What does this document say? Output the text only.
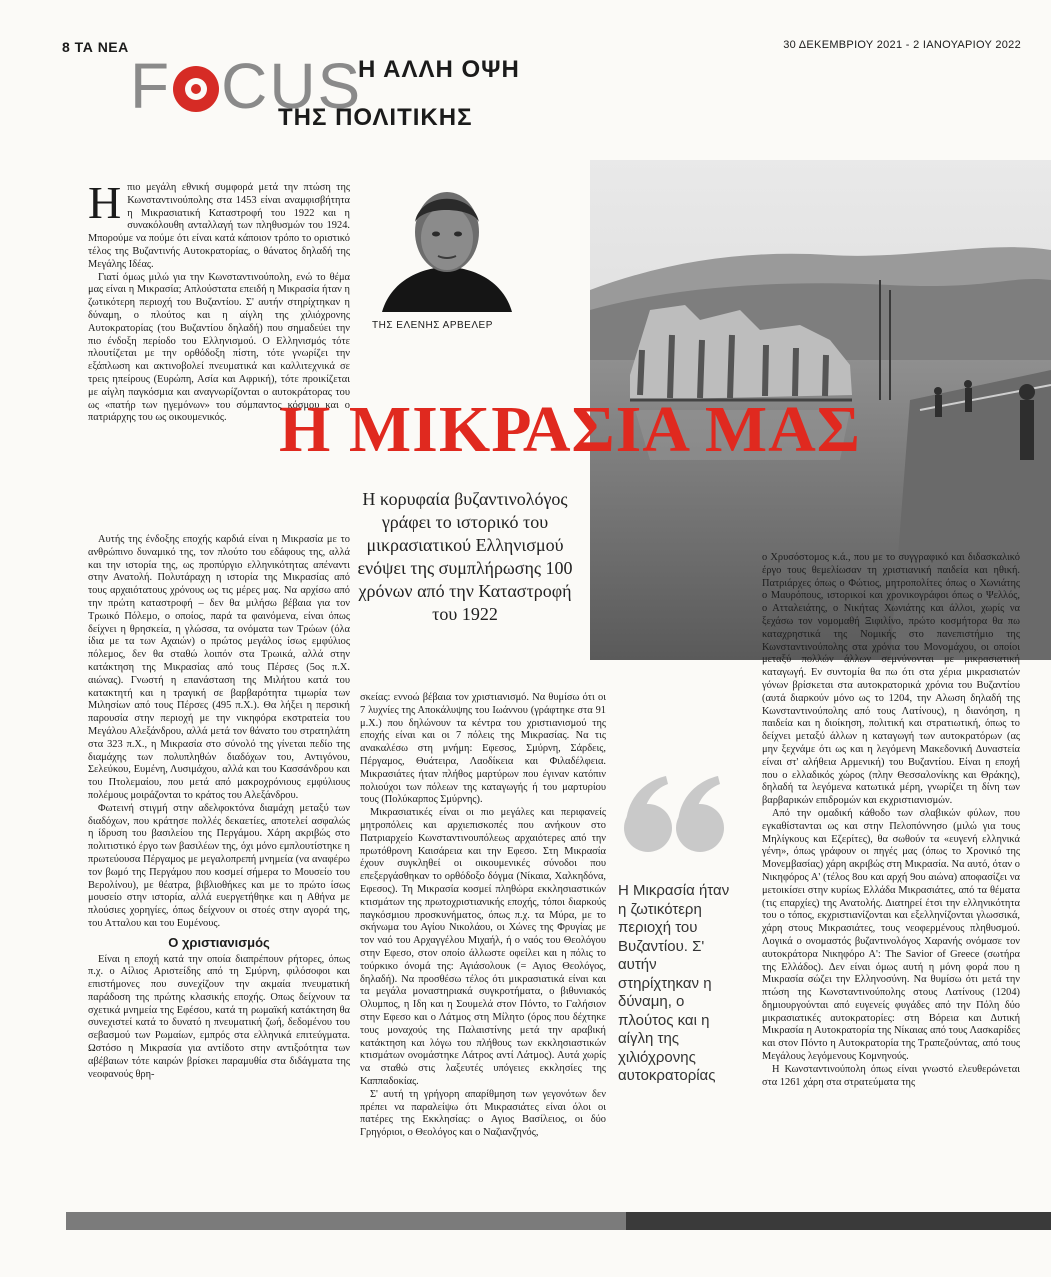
8 ΤΑ ΝΕΑ	30 ΔΕΚΕΜΒΡΙΟΥ 2021 - 2 ΙΑΝΟΥΑΡΙΟΥ 2022
F CUS
Η ΑΛΛΗ ΟΨΗ
ΤΗΣ ΠΟΛΙΤΙΚΗΣ
ΤΗΣ ΕΛΕΝΗΣ ΑΡΒΕΛΕΡ
Η ΜΙΚΡΑΣΙΑ ΜΑΣ
Η κορυφαία βυζαντινολόγος γράφει το ιστορικό του μικρασιατικού Ελληνισμού ενόψει της συμπλήρωσης 100 χρόνων από την Καταστροφή του 1922

Ηπιο μεγάλη εθνική συμφορά μετά την πτώση της Κωνσταντινούπολης στα 1453 είναι αναμφισβήτητα η Μικρασιατική Καταστροφή του 1922 και η συνακόλουθη ανταλλαγή των πληθυσμών του 1924. Μπορούμε να πούμε ότι είναι κατά κάποιον τρόπο το οριστικό τέλος της Βυζαντινής Αυτοκρατορίας, ο θάνατος δηλαδή της Μεγάλης Ιδέας.

Γιατί όμως μιλώ για την Κωνσταντινούπολη, ενώ το θέμα μας είναι η Μικρασία; Απλούστατα επειδή η Μικρασία ήταν η ζωτικότερη περιοχή του Βυζαντίου. Σ' αυτήν στηρίχτηκαν η δύναμη, ο πλούτος και η αίγλη της χιλιόχρονης Αυτοκρατορίας (του Βυζαντίου δηλαδή) που σημαδεύει την πιο ένδοξη περίοδο του Ελληνισμού. Ο Ελληνισμός τότε πλουτίζεται με την ορθόδοξη πίστη, τότε γνωρίζει την εξάπλωση και ακτινοβολεί πνευματικά και καλλιτεχνικά σε τρεις ηπείρους (Ευρώπη, Ασία και Αφρική), τότε προικίζεται με αίγλη παγκόσμια και αναγνωρίζονται ο αυτοκράτορας του ως «πατήρ των ηγεμόνων» του σύμπαντος κόσμου και ο πατριάρχης του ως οικουμενικός.

Αυτής της ένδοξης εποχής καρδιά είναι η Μικρασία με το ανθρώπινο δυναμικό της, τον πλούτο του εδάφους της, αλλά και την ιστορία της, ως προπύργιο ελληνικότητας απέναντι στην Ανατολή. Πολυτάραχη η ιστορία της Μικρασίας από τους αρχαιότατους χρόνους ως τις μέρες μας. Να αρχίσω από την πρώτη καταστροφή – δεν θα μιλήσω βέβαια για τον Τρωικό Πόλεμο, ο οποίος, παρά τα φαινόμενα, είναι όπως δείχνει η θρησκεία, η γλώσσα, τα ονόματα των Τρώων (όλα ίδια με τα των Αχαιών) ο πρώτος μεγάλος ίσως εμφύλιος πόλεμος, δεν θα σταθώ λοιπόν στα Τρωικά, αλλά στην κατάκτηση της Μικρασίας από τους Πέρσες (5ος π.Χ. αιώνας). Γνωστή η επανάσταση της Μιλήτου κατά του κατακτητή και η τραγική σε βαρβαρότητα τιμωρία των Μιλησίων από τους Πέρσες (495 π.Χ.). Θα λήξει η περσική παρουσία στην περιοχή με την νικηφόρα εκστρατεία του Μεγάλου Αλεξάνδρου, αλλά μετά τον θάνατο του στρατηλάτη στα 323 π.Χ., η Μικρασία στο σύνολό της γίνεται πεδίο της διαμάχης των πολυπληθών διαδόχων του, Αντιγόνου, Σελεύκου, Ευμένη, Λυσιμάχου, αλλά και του Κασσάνδρου και του Πτολεμαίου, που μετά από μακροχρόνιους εμφύλιους πολέμους μοιράζονται το κράτος του Αλεξάνδρου.

Φωτεινή στιγμή στην αδελφοκτόνα διαμάχη μεταξύ των διαδόχων, που κράτησε πολλές δεκαετίες, αποτελεί ασφαλώς η ίδρυση του βασιλείου της Περγάμου. Χάρη ακριβώς στο πολιτιστικό έργο των βασιλέων της, όχι μόνο εμπλουτίστηκε η πρωτεύουσα Πέργαμος με μεγαλοπρεπή μνημεία (να αναφέρω τον βωμό της Περγάμου που κοσμεί σήμερα το Μουσείο του Βερολίνου), με θέατρα, βιβλιοθήκες και με το πρώτο ίσως μουσείο στην ιστορία, αλλά ευεργετήθηκε και η Αθήνα με πλούσιες χορηγίες, όπως δείχνουν οι στοές στην αγορά της, του Ατταλου και του Ευμένους.

Ο χριστιανισμός

Είναι η εποχή κατά την οποία διαπρέπουν ρήτορες, όπως π.χ. ο Αίλιος Αριστείδης από τη Σμύρνη, φιλόσοφοι και επιστήμονες που συνεχίζουν την ακμαία πνευματική παράδοση της πρώτης κλασικής εποχής. Οπως δείχνουν τα σχετικά μνημεία της Εφέσου, κατά τη ρωμαϊκή κατάκτηση θα συνεχιστεί κατά το δυνατό η πνευματική ζωή, δεδομένου του σεβασμού των Ρωμαίων, εμπρός στα ελληνικά επιτεύγματα. Ωστόσο η Μικρασία για αντίδοτο στην αντιξοότητα των αβέβαιων τότε καιρών βρίσκει παραμυθία στα διδάγματα της νεοφανούς θρη-

σκείας: εννοώ βέβαια τον χριστιανισμό. Να θυμίσω ότι οι 7 λυχνίες της Αποκάλυψης του Ιωάννου (γράφτηκε στα 91 μ.Χ.) που δηλώνουν τα κέντρα του χριστιανισμού της εποχής είναι και οι 7 πόλεις της Μικρασίας. Να τις ανακαλέσω στη μνήμη: Εφεσος, Σμύρνη, Σάρδεις, Πέργαμος, Θυάτειρα, Λαοδίκεια και Φιλαδέλφεια. Μικρασιάτες ήταν πλήθος μαρτύρων που έγιναν κατόπιν πολιούχοι των πόλεων της καταγωγής ή του μαρτυρίου τους (Πολύκαρπος Σμύρνης).

Μικρασιατικές είναι οι πιο μεγάλες και περιφανείς μητροπόλεις και αρχιεπισκοπές που ανήκουν στο Πατριαρχείο Κωνσταντινουπόλεως αρχαιότερες από την πρωτόθρονη Καισάρεια και την Εφεσο. Στη Μικρασία έχουν συγκληθεί οι οικουμενικές σύνοδοι που επεξεργάσθηκαν το ορθόδοξο δόγμα (Νίκαια, Χαλκηδόνα, Εφεσος). Τη Μικρασία κοσμεί πληθώρα εκκλησιαστικών κτισμάτων της πρωτοχριστιανικής εποχής, τόποι διαρκούς παγκόσμιου προσκυνήματος, όπως π.χ. τα Μύρα, με το σκήνωμα του Αγίου Νικολάου, οι Χώνες της Φρυγίας με τον ναό του Αρχαγγέλου Μιχαήλ, ή ο ναός του Θεολόγου στην Εφεσο, στον οποίο άλλωστε οφείλει και η πόλις το τούρκικο όνομά της: Αγιάσολουκ (= Αγιος Θεολόγος, δηλαδή). Να προσθέσω τέλος ότι μικρασιατικά είναι και τα μεγάλα μοναστηριακά συγκροτήματα, ο βιθυνιακός Ολυμπος, η Ιδη και η Σουμελά στον Πόντο, το Γαλήσιον στην Εφεσο και ο Λάτμος στη Μίλητο (όρος που δέχτηκε τους μοναχούς της Παλαιστίνης μετά την αραβική κατάκτηση και λόγω του πλήθους των εκκλησιαστικών κτισμάτων ονομάστηκε Λάτρος αντί Λάτμος). Αυτά χωρίς να σταθώ στις λαξευτές υπόγειες εκκλησίες της Καππαδοκίας.

Σ' αυτή τη γρήγορη απαρίθμηση των γεγονότων δεν πρέπει να παραλείψω ότι Μικρασιάτες είναι όλοι οι πατέρες της Εκκλησίας: ο Αγιος Βασίλειος, οι δύο Γρηγόριοι, ο Θεολόγος και ο Ναζιανζηνός,

Η Μικρασία ήταν η ζωτικότερη περιοχή του Βυζαντίου. Σ' αυτήν στηρίχτηκαν η δύναμη, ο πλούτος και η αίγλη της χιλιόχρονης αυτοκρατορίας

ο Χρυσόστομος κ.ά., που με το συγγραφικό και διδασκαλικό έργο τους θεμελίωσαν τη χριστιανική παιδεία και ηθική. Πατριάρχες όπως ο Φώτιος, μητροπολίτες όπως ο Χωνιάτης ο Μαυρόπους, ιστορικοί και χρονικογράφοι όπως ο Ψελλός, ο Ατταλειάτης, ο Νικήτας Χωνιάτης και άλλοι, χωρίς να ξεχάσω τον νομομαθή Ξιφιλίνο, πρώτο κοσμήτορα θα πω καταχρηστικά της Νομικής στο πανεπιστήμιο της Κωνσταντινούπολης στα χρόνια του Μονομάχου, οι οποίοι μεταξύ πολλών άλλων σεμνύνονται με μικρασιατική καταγωγή. Εν συντομία θα πω ότι στα χέρια μικρασιατών γόνων βρίσκεται στα αυτοκρατορικά χρόνια του Βυζαντίου (αυτά διαρκούν μόνο ως το 1204, την Αλωση δηλαδή της Κωνσταντινούπολης από τους Λατίνους), η διανόηση, η παιδεία και η διοίκηση, πολιτική και στρατιωτική, όπως το δείχνει μεταξύ άλλων η καταγωγή των αυτοκρατόρων (ας μην ξεχνάμε ότι ως και η λεγόμενη Μακεδονική Δυναστεία είναι στ' αλήθεια Αρμενική) του Βυζαντίου. Είναι η εποχή που ο ελλαδικός χώρος (πλην Θεσσαλονίκης και Θράκης), δηλαδή τα λεγόμενα κατωτικά μέρη, γνωρίζει τη δίνη των βαρβαρικών επιδρομών και εκχριστιανισμών.

Από την ομαδική κάθοδο των σλαβικών φύλων, που εγκαθίστανται ως και στην Πελοπόννησο (μιλώ για τους Μηλίγκους και Εζερίτες), θα σωθούν τα «ευγενή ελληνικά γένη», όπως γράφουν οι πηγές μας (όπως το Χρονικό της Μονεμβασίας) χάρη ακριβώς στη Μικρασία. Να αυτό, όταν ο Νικηφόρος Α' (τέλος 8ου και αρχή 9ου αιώνα) αποφασίζει να μετοικίσει στην κυρίως Ελλάδα Μικρασιάτες, από τα θέματα (τις επαρχίες) της Ανατολής. Διατηρεί έτσι την ελληνικότητα του ο τόπος, εκχριστιανίζονται και εξελληνίζονται γλωσσικά, χάρη στους Μικρασιάτες, τους νεοφερμένους πληθυσμού. Λογικά ο ονομαστός βυζαντινολόγος Χαρανής ονόμασε τον αυτοκράτορα Νικηφόρο Α': The Savior of Greece (σωτήρα της Ελλάδος). Δεν είναι όμως αυτή η μόνη φορά που η Μικρασία σώζει την Ελληνοσύνη. Να θυμίσω ότι μετά την πτώση της Κωνσταντινούπολης στους Λατίνους (1204) δημιουργούνται από ευγενείς φυγάδες από την Πόλη δύο μικρασιατικές αυτοκρατορίες: στη Βόρεια και Δυτική Μικρασία η Αυτοκρατορία της Νίκαιας από τους Λασκαρίδες και στον Πόντο η Αυτοκρατορία της Τραπεζούντας, από τους Μεγάλους λεγόμενους Κομνηνούς.

Η Κωνσταντινούπολη όπως είναι γνωστό ελευθερώνεται στα 1261 χάρη στα στρατεύματα της
